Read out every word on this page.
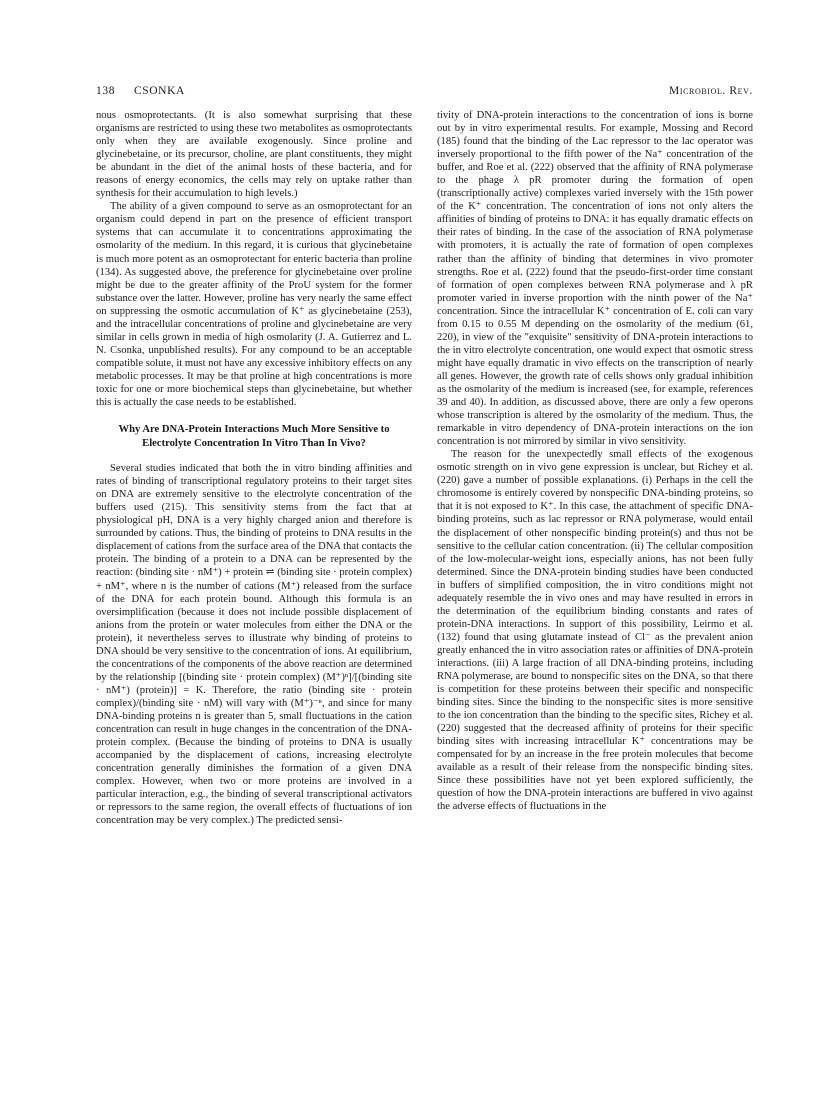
138 CSONKA	Microbiol. Rev.

nous osmoprotectants. (It is also somewhat surprising that these organisms are restricted to using these two metabolites as osmoprotectants only when they are available exogenously. Since proline and glycinebetaine, or its precursor, choline, are plant constituents, they might be abundant in the diet of the animal hosts of these bacteria, and for reasons of energy economics, the cells may rely on uptake rather than synthesis for their accumulation to high levels.)

The ability of a given compound to serve as an osmoprotectant for an organism could depend in part on the presence of efficient transport systems that can accumulate it to concentrations approximating the osmolarity of the medium. In this regard, it is curious that glycinebetaine is much more potent as an osmoprotectant for enteric bacteria than proline (134). As suggested above, the preference for glycinebetaine over proline might be due to the greater affinity of the ProU system for the former substance over the latter. However, proline has very nearly the same effect on suppressing the osmotic accumulation of K⁺ as glycinebetaine (253), and the intracellular concentrations of proline and glycinebetaine are very similar in cells grown in media of high osmolarity (J. A. Gutierrez and L. N. Csonka, unpublished results). For any compound to be an acceptable compatible solute, it must not have any excessive inhibitory effects on any metabolic processes. It may be that proline at high concentrations is more toxic for one or more biochemical steps than glycinebetaine, but whether this is actually the case needs to be established.

Why Are DNA-Protein Interactions Much More Sensitive to Electrolyte Concentration In Vitro Than In Vivo?

Several studies indicated that both the in vitro binding affinities and rates of binding of transcriptional regulatory proteins to their target sites on DNA are extremely sensitive to the electrolyte concentration of the buffers used (215). This sensitivity stems from the fact that at physiological pH, DNA is a very highly charged anion and therefore is surrounded by cations. Thus, the binding of proteins to DNA results in the displacement of cations from the surface area of the DNA that contacts the protein. The binding of a protein to a DNA can be represented by the reaction: (binding site · nM⁺) + protein ⇌ (binding site · protein complex) + nM⁺, where n is the number of cations (M⁺) released from the surface of the DNA for each protein bound. Although this formula is an oversimplification (because it does not include possible displacement of anions from the protein or water molecules from either the DNA or the protein), it nevertheless serves to illustrate why binding of proteins to DNA should be very sensitive to the concentration of ions. At equilibrium, the concentrations of the components of the above reaction are determined by the relationship [(binding site · protein complex) (M⁺)ⁿ]/[(binding site · nM⁺) (protein)] = K. Therefore, the ratio (binding site · protein complex)/(binding site · nM) will vary with (M⁺)⁻ⁿ, and since for many DNA-binding proteins n is greater than 5, small fluctuations in the cation concentration can result in huge changes in the concentration of the DNA-protein complex. (Because the binding of proteins to DNA is usually accompanied by the displacement of cations, increasing electrolyte concentration generally diminishes the formation of a given DNA complex. However, when two or more proteins are involved in a particular interaction, e.g., the binding of several transcriptional activators or repressors to the same region, the overall effects of fluctuations of ion concentration may be very complex.) The predicted sensi-

tivity of DNA-protein interactions to the concentration of ions is borne out by in vitro experimental results. For example, Mossing and Record (185) found that the binding of the Lac repressor to the lac operator was inversely proportional to the fifth power of the Na⁺ concentration of the buffer, and Roe et al. (222) observed that the affinity of RNA polymerase to the phage λ pR promoter during the formation of open (transcriptionally active) complexes varied inversely with the 15th power of the K⁺ concentration. The concentration of ions not only alters the affinities of binding of proteins to DNA: it has equally dramatic effects on their rates of binding. In the case of the association of RNA polymerase with promoters, it is actually the rate of formation of open complexes rather than the affinity of binding that determines in vivo promoter strengths. Roe et al. (222) found that the pseudo-first-order time constant of formation of open complexes between RNA polymerase and λ pR promoter varied in inverse proportion with the ninth power of the Na⁺ concentration. Since the intracellular K⁺ concentration of E. coli can vary from 0.15 to 0.55 M depending on the osmolarity of the medium (61, 220), in view of the "exquisite" sensitivity of DNA-protein interactions to the in vitro electrolyte concentration, one would expect that osmotic stress might have equally dramatic in vivo effects on the transcription of nearly all genes. However, the growth rate of cells shows only gradual inhibition as the osmolarity of the medium is increased (see, for example, references 39 and 40). In addition, as discussed above, there are only a few operons whose transcription is altered by the osmolarity of the medium. Thus, the remarkable in vitro dependency of DNA-protein interactions on the ion concentration is not mirrored by similar in vivo sensitivity.

The reason for the unexpectedly small effects of the exogenous osmotic strength on in vivo gene expression is unclear, but Richey et al. (220) gave a number of possible explanations. (i) Perhaps in the cell the chromosome is entirely covered by nonspecific DNA-binding proteins, so that it is not exposed to K⁺. In this case, the attachment of specific DNA-binding proteins, such as lac repressor or RNA polymerase, would entail the displacement of other nonspecific binding protein(s) and thus not be sensitive to the cellular cation concentration. (ii) The cellular composition of the low-molecular-weight ions, especially anions, has not been fully determined. Since the DNA-protein binding studies have been conducted in buffers of simplified composition, the in vitro conditions might not adequately resemble the in vivo ones and may have resulted in errors in the determination of the equilibrium binding constants and rates of protein-DNA interactions. In support of this possibility, Leirmo et al. (132) found that using glutamate instead of Cl⁻ as the prevalent anion greatly enhanced the in vitro association rates or affinities of DNA-protein interactions. (iii) A large fraction of all DNA-binding proteins, including RNA polymerase, are bound to nonspecific sites on the DNA, so that there is competition for these proteins between their specific and nonspecific binding sites. Since the binding to the nonspecific sites is more sensitive to the ion concentration than the binding to the specific sites, Richey et al. (220) suggested that the decreased affinity of proteins for their specific binding sites with increasing intracellular K⁺ concentrations may be compensated for by an increase in the free protein molecules that become available as a result of their release from the nonspecific binding sites. Since these possibilities have not yet been explored sufficiently, the question of how the DNA-protein interactions are buffered in vivo against the adverse effects of fluctuations in the
